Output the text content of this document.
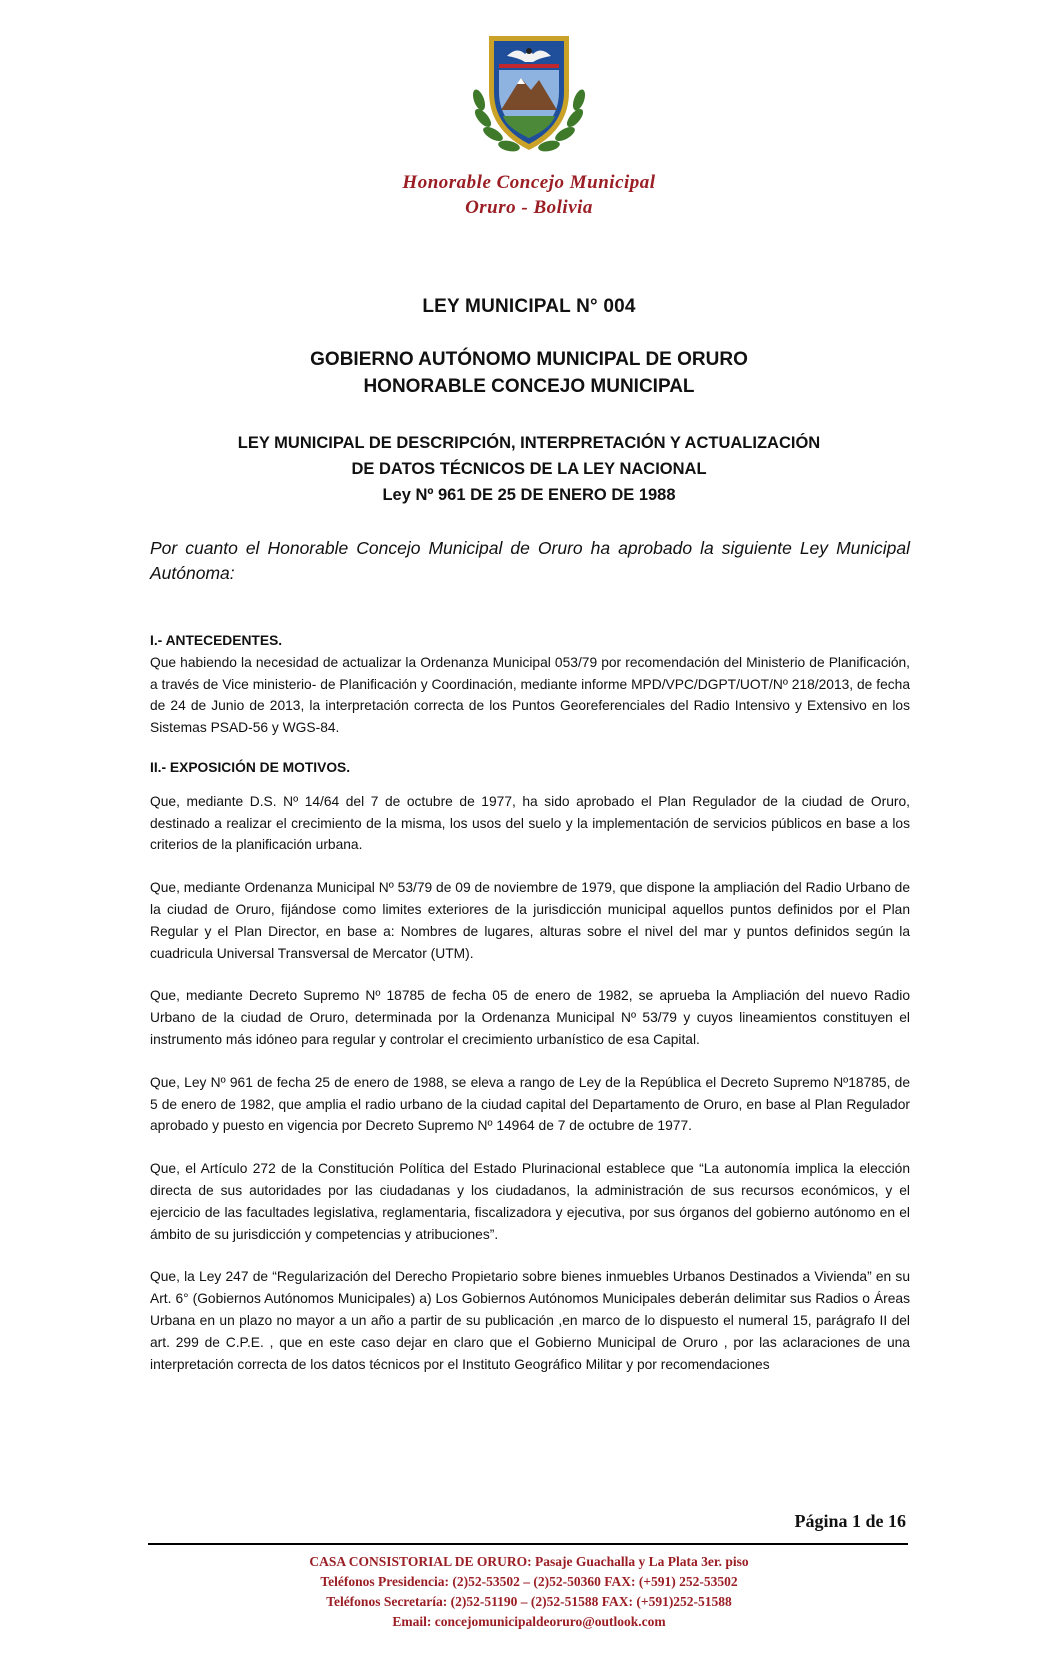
Honorable Concejo Municipal
Oruro - Bolivia

LEY MUNICIPAL N° 004

GOBIERNO AUTÓNOMO MUNICIPAL DE ORURO

HONORABLE CONCEJO MUNICIPAL

LEY MUNICIPAL DE DESCRIPCIÓN, INTERPRETACIÓN Y ACTUALIZACIÓN

DE DATOS TÉCNICOS DE LA LEY NACIONAL

Ley Nº 961 DE 25 DE ENERO DE 1988

Por cuanto el Honorable Concejo Municipal de Oruro ha aprobado la siguiente Ley Municipal Autónoma:

I.- ANTECEDENTES.

Que habiendo la necesidad de actualizar la Ordenanza Municipal 053/79 por recomendación del Ministerio de Planificación, a través de Vice ministerio- de Planificación y Coordinación, mediante informe MPD/VPC/DGPT/UOT/Nº 218/2013, de fecha de 24 de Junio de 2013, la interpretación correcta de los Puntos Georeferenciales del Radio Intensivo y Extensivo en los Sistemas PSAD-56 y WGS-84.

II.- EXPOSICIÓN DE MOTIVOS.

Que, mediante D.S. Nº 14/64 del 7 de octubre de 1977, ha sido aprobado el Plan Regulador de la ciudad de Oruro, destinado a realizar el crecimiento de la misma, los usos del suelo y la implementación de servicios públicos en base a los criterios de la planificación urbana.

Que, mediante Ordenanza Municipal Nº 53/79 de 09 de noviembre de 1979, que dispone la ampliación del Radio Urbano de la ciudad de Oruro, fijándose como limites exteriores de la jurisdicción municipal aquellos puntos definidos por el Plan Regular y el Plan Director, en base a: Nombres de lugares, alturas sobre el nivel del mar y puntos definidos según la cuadricula Universal Transversal de Mercator (UTM).

Que, mediante Decreto Supremo Nº 18785 de fecha 05 de enero de 1982, se aprueba la Ampliación del nuevo Radio Urbano de la ciudad de Oruro, determinada por la Ordenanza Municipal Nº 53/79 y cuyos lineamientos constituyen el instrumento más idóneo para regular y controlar el crecimiento urbanístico de esa Capital.

Que, Ley Nº 961 de fecha 25 de enero de 1988, se eleva a rango de Ley de la República el Decreto Supremo Nº18785, de 5 de enero de 1982, que amplia el radio urbano de la ciudad capital del Departamento de Oruro, en base al Plan Regulador aprobado y puesto en vigencia por Decreto Supremo Nº 14964 de 7 de octubre de 1977.

Que, el Artículo 272 de la Constitución Política del Estado Plurinacional establece que “La autonomía implica la elección directa de sus autoridades por las ciudadanas y los ciudadanos, la administración de sus recursos económicos, y el ejercicio de las facultades legislativa, reglamentaria, fiscalizadora y ejecutiva, por sus órganos del gobierno autónomo en el ámbito de su jurisdicción y competencias y atribuciones”.

Que, la Ley 247 de “Regularización del Derecho Propietario sobre bienes inmuebles Urbanos Destinados a Vivienda” en su Art. 6° (Gobiernos Autónomos Municipales) a) Los Gobiernos Autónomos Municipales deberán delimitar sus Radios o Áreas Urbana en un plazo no mayor a un año a partir de su publicación ,en marco de lo dispuesto el numeral 15, parágrafo II del art. 299 de C.P.E. , que en este caso dejar en claro que el Gobierno Municipal de Oruro , por las aclaraciones de una interpretación correcta de los datos técnicos por el Instituto Geográfico Militar y por recomendaciones

Página 1 de 16

CASA CONSISTORIAL DE ORURO: Pasaje Guachalla y La Plata 3er. piso

Teléfonos Presidencia: (2)52-53502 – (2)52-50360 FAX: (+591) 252-53502

Teléfonos Secretaría: (2)52-51190 – (2)52-51588 FAX: (+591)252-51588

Email: concejomunicipaldeoruro@outlook.com
